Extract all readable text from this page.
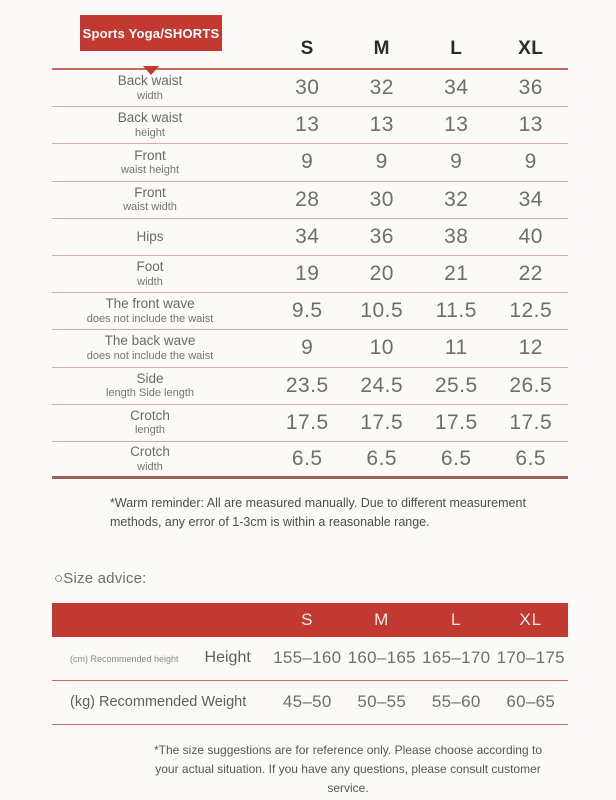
Sports Yoga/SHORTS
S	M	L	XL
Back waist
width	30	32	34	36
Back waist
height	13	13	13	13
Front
waist height	9	9	9	9
Front
waist width	28	30	32	34
Hips	34	36	38	40
Foot
width	19	20	21	22
The front wave
does not include the waist	9.5	10.5	11.5	12.5
The back wave
does not include the waist	9	10	11	12
Side
length Side length	23.5	24.5	25.5	26.5
Crotch
length	17.5	17.5	17.5	17.5
Crotch
width	6.5	6.5	6.5	6.5

*Warm reminder: All are measured manually. Due to different measurement methods, any error of 1-3cm is within a reasonable range.

○Size advice:
S	M	L	XL
(cm) Recommended height Height 155–160 160–165 165–170 170–175
(kg) Recommended Weight	45–50	50–55	55–60	60–65

*The size suggestions are for reference only. Please choose according to your actual situation. If you have any questions, please consult customer service.
